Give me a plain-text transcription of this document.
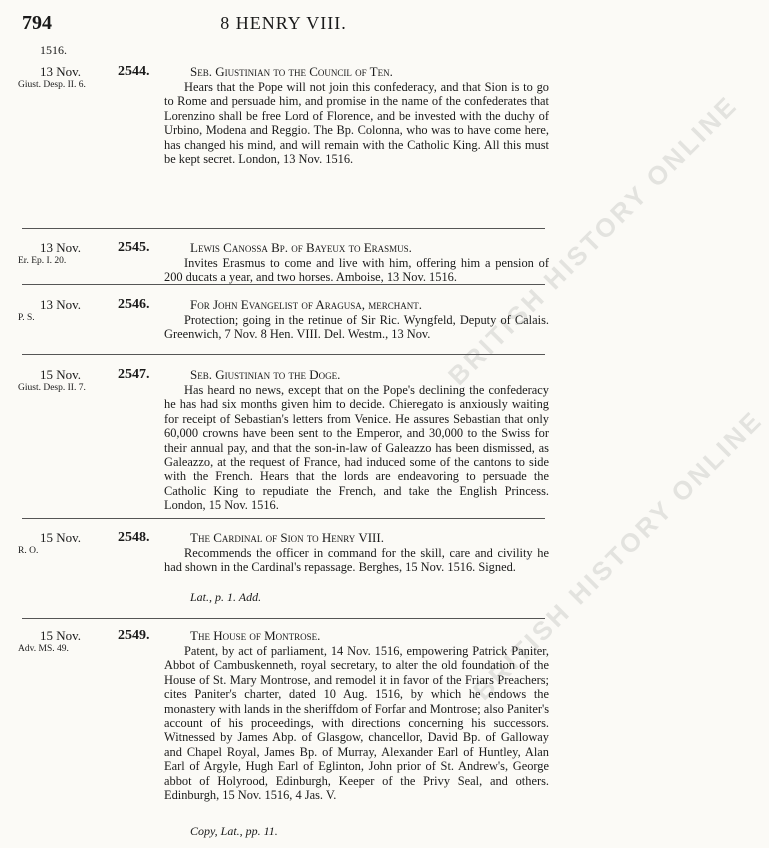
BRITISH HISTORY ONLINE
BRITISH HISTORY ONLINE
794	8 HENRY VIII.
1516.
13 Nov.	2544.
Giust. Desp. II. 6.
Seb. Giustinian to the Council of Ten.
Hears that the Pope will not join this confederacy, and that Sion is to go to Rome and persuade him, and promise in the name of the confederates that Lorenzino shall be free Lord of Florence, and be invested with the duchy of Urbino, Modena and Reggio. The Bp. Colonna, who was to have come here, has changed his mind, and will remain with the Catholic King. All this must be kept secret. London, 13 Nov. 1516.
13 Nov.	2545.
Er. Ep. I. 20.
Lewis Canossa Bp. of Bayeux to Erasmus.
Invites Erasmus to come and live with him, offering him a pension of 200 ducats a year, and two horses. Amboise, 13 Nov. 1516.
13 Nov.	2546.
P. S.
For John Evangelist of Aragusa, merchant.
Protection; going in the retinue of Sir Ric. Wyngfeld, Deputy of Calais. Greenwich, 7 Nov. 8 Hen. VIII. Del. Westm., 13 Nov.
15 Nov.	2547.
Giust. Desp. II. 7.
Seb. Giustinian to the Doge.
Has heard no news, except that on the Pope's declining the confederacy he has had six months given him to decide. Chieregato is anxiously waiting for receipt of Sebastian's letters from Venice. He assures Sebastian that only 60,000 crowns have been sent to the Emperor, and 30,000 to the Swiss for their annual pay, and that the son-in-law of Galeazzo has been dismissed, as Galeazzo, at the request of France, had induced some of the cantons to side with the French. Hears that the lords are endeavoring to persuade the Catholic King to repudiate the French, and take the English Princess. London, 15 Nov. 1516.
15 Nov.	2548.
R. O.
The Cardinal of Sion to Henry VIII.
Recommends the officer in command for the skill, care and civility he had shown in the Cardinal's repassage. Berghes, 15 Nov. 1516. Signed.
Lat., p. 1. Add.
15 Nov.	2549.
Adv. MS. 49.
The House of Montrose.
Patent, by act of parliament, 14 Nov. 1516, empowering Patrick Paniter, Abbot of Cambuskenneth, royal secretary, to alter the old foundation of the House of St. Mary Montrose, and remodel it in favor of the Friars Preachers; cites Paniter's charter, dated 10 Aug. 1516, by which he endows the monastery with lands in the sheriffdom of Forfar and Montrose; also Paniter's account of his proceedings, with directions concerning his successors. Witnessed by James Abp. of Glasgow, chancellor, David Bp. of Galloway and Chapel Royal, James Bp. of Murray, Alexander Earl of Huntley, Alan Earl of Argyle, Hugh Earl of Eglinton, John prior of St. Andrew's, George abbot of Holyrood, Edinburgh, Keeper of the Privy Seal, and others. Edinburgh, 15 Nov. 1516, 4 Jas. V.
Copy, Lat., pp. 11.
